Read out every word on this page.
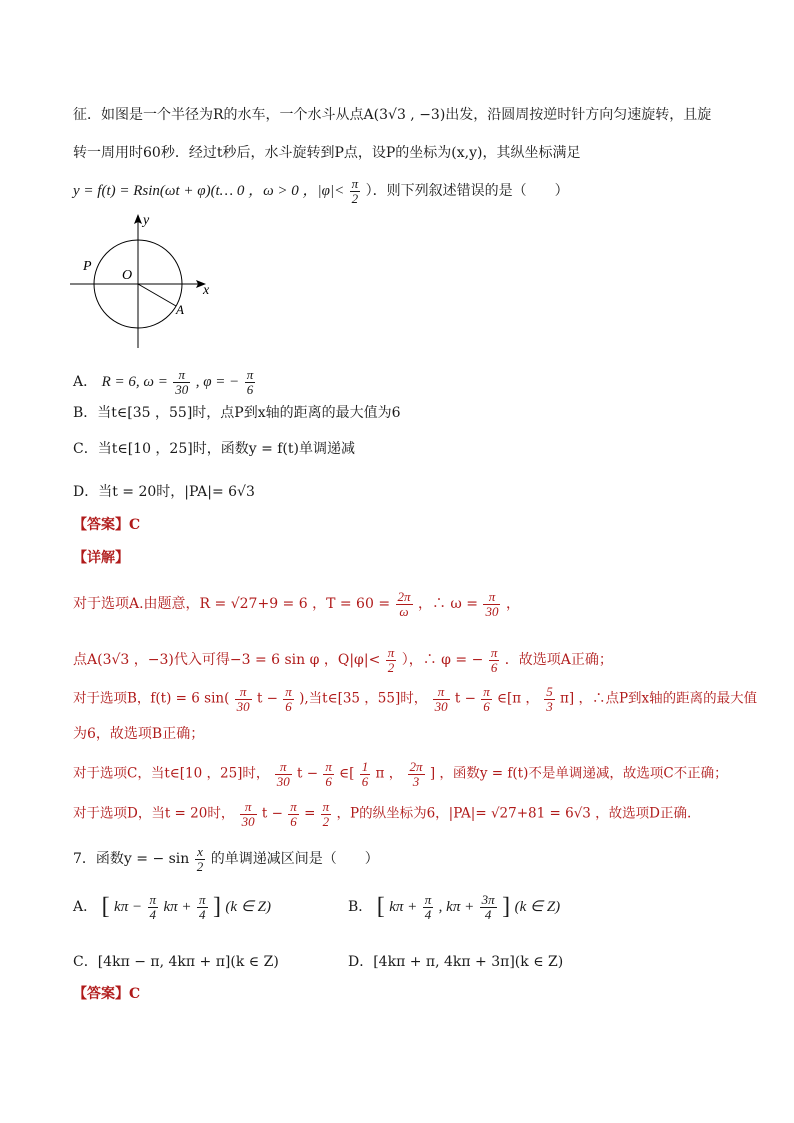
征．如图是一个半径为R的水车，一个水斗从点A(3√3 , −3)出发，沿圆周按逆时针方向匀速旋转，且旋
转一周用时60秒．经过t秒后，水斗旋转到P点，设P的坐标为(x,y)，其纵坐标满足
y = f(t) = Rsin(ωt + φ)(t… 0 ，ω > 0 ，$|\varphi|< \frac{\pi}{2}$ ）．则下列叙述错误的是（　　）
y
x
O
P
A
A． R = 6, $\omega = \frac{\pi}{30}$ , φ = − $\frac{\pi}{6}$
B．当t∈[35 ，55]时，点P到x轴的距离的最大值为6
C．当t∈[10 ，25]时，函数y = f(t)单调递减
D．当t = 20时，|PA|= 6√3
【答案】C
【详解】
对于选项A.由题意，R = √27+9 = 6 ，$T = 60 = \frac{2\pi}{\omega}$ ，∴ $\omega = \frac{\pi}{30}$ ，
点A(3√3 ，−3)代入可得−3 = 6 sin φ ，$Q|\varphi|< \frac{\pi}{2}$ ），∴ φ = − $\frac{\pi}{6}$ ．故选项A正确；
对于选项B，f(t) = 6 $\sin( \frac{\pi}{30}$ $t - \frac{\pi}{6}$ ),当t∈[35 ，55]时， $\frac{\pi}{30}$ $t - \frac{\pi}{6}$ ∈[π ， $\frac{5}{3} \pi$] ，∴点P到x轴的距离的最大值
为6，故选项B正确；
对于选项C，当t∈[10 ，25]时， $\frac{\pi}{30}$ $t - \frac{\pi}{6}$ ∈[ $\frac{1}{6}$ π ， $\frac{2\pi}{3}$ ] ，函数y = f(t)不是单调递减，故选项C不正确；
对于选项D，当t = 20时， $\frac{\pi}{30}$ $t - \frac{\pi}{6} = \frac{\pi}{2}$ ，P的纵坐标为6，|PA|= √27+81 = 6√3 ，故选项D正确.
7．函数y = − $\sin \frac{x}{2}$ 的单调递减区间是（　　）
A． [ $k\pi - \frac{\pi}{4}$ $k\pi + \frac{\pi}{4}$ ] (k ∈ Z)	B． [ $k\pi + \frac{\pi}{4}$ , $k\pi + \frac{3\pi}{4}$ ] (k ∈ Z)
C．[4kπ − π, 4kπ + π](k ∈ Z)	D．[4kπ + π, 4kπ + 3π](k ∈ Z)
【答案】C
